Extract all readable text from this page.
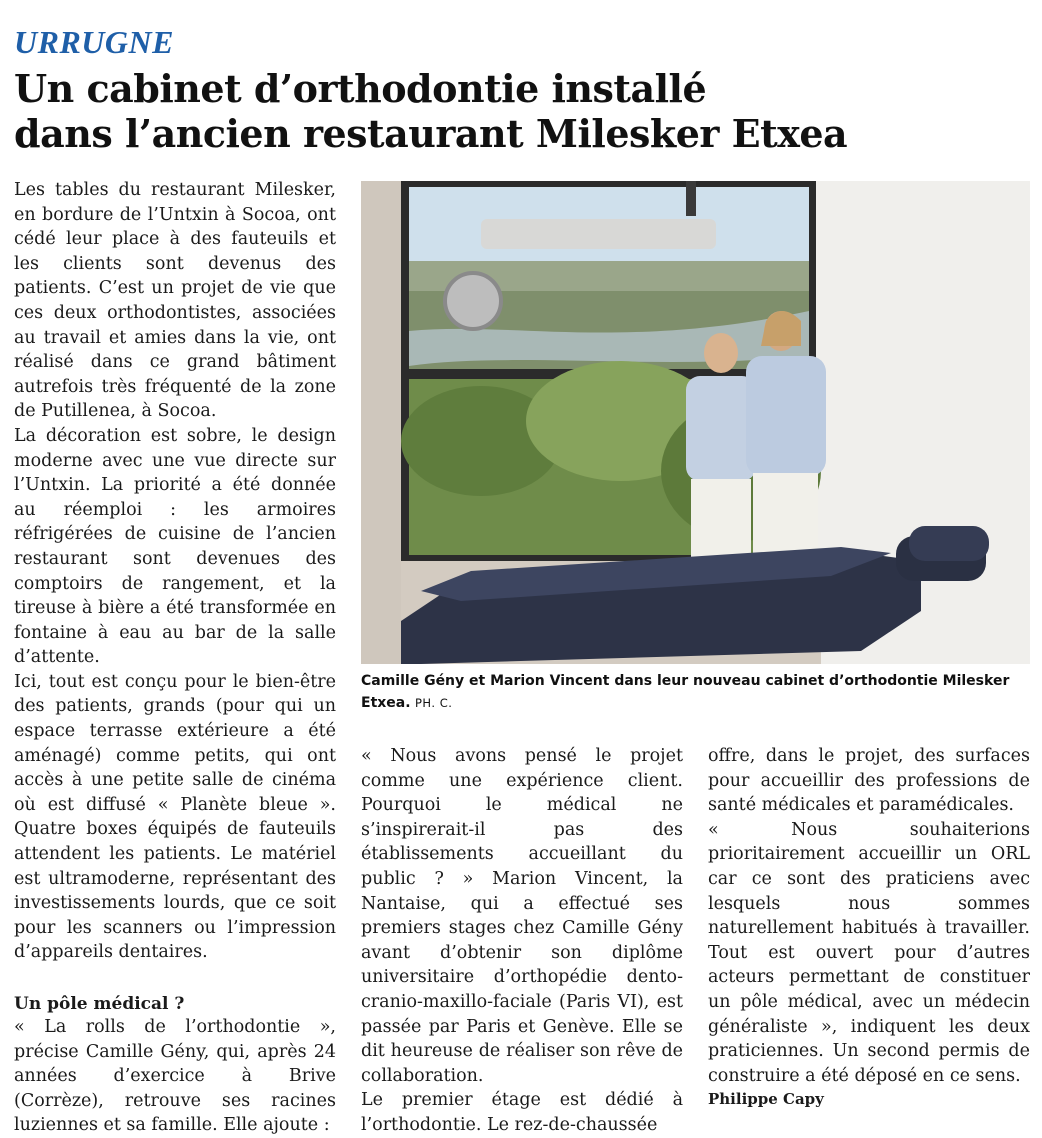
URRUGNE
Un cabinet d’orthodontie installé
dans l’ancien restaurant Milesker Etxea

Les tables du restaurant Milesker, en bordure de l’Untxin à Socoa, ont cédé leur place à des fauteuils et les clients sont devenus des patients. C’est un projet de vie que ces deux orthodontistes, associées au travail et amies dans la vie, ont réalisé dans ce grand bâtiment autrefois très fréquenté de la zone de Putillenea, à Socoa.

La décoration est sobre, le design moderne avec une vue directe sur l’Untxin. La priorité a été donnée au réemploi : les armoires réfrigérées de cuisine de l’ancien restaurant sont devenues des comptoirs de rangement, et la tireuse à bière a été transformée en fontaine à eau au bar de la salle d’attente.

Ici, tout est conçu pour le bien-être des patients, grands (pour qui un espace terrasse extérieure a été aménagé) comme petits, qui ont accès à une petite salle de cinéma où est diffusé « Planète bleue ». Quatre boxes équipés de fauteuils attendent les patients. Le matériel est ultramoderne, représentant des investissements lourds, que ce soit pour les scanners ou l’impression d’appareils dentaires.

Un pôle médical ?

« La rolls de l’orthodontie », précise Camille Gény, qui, après 24 années d’exercice à Brive (Corrèze), retrouve ses racines luziennes et sa famille. Elle ajoute :

Camille Gény et Marion Vincent dans leur nouveau cabinet d’orthodontie Milesker Etxea. PH. C.

« Nous avons pensé le projet comme une expérience client. Pourquoi le médical ne s’inspirerait-il pas des établissements accueillant du public ? » Marion Vincent, la Nantaise, qui a effectué ses premiers stages chez Camille Gény avant d’obtenir son diplôme universitaire d’orthopédie dento-cranio-maxillo-faciale (Paris VI), est passée par Paris et Genève. Elle se dit heureuse de réaliser son rêve de collaboration.

Le premier étage est dédié à l’orthodontie. Le rez-de-chaussée

offre, dans le projet, des surfaces pour accueillir des professions de santé médicales et paramédicales.

« Nous souhaiterions prioritairement accueillir un ORL car ce sont des praticiens avec lesquels nous sommes naturellement habitués à travailler. Tout est ouvert pour d’autres acteurs permettant de constituer un pôle médical, avec un médecin généraliste », indiquent les deux praticiennes. Un second permis de construire a été déposé en ce sens.

Philippe Capy
